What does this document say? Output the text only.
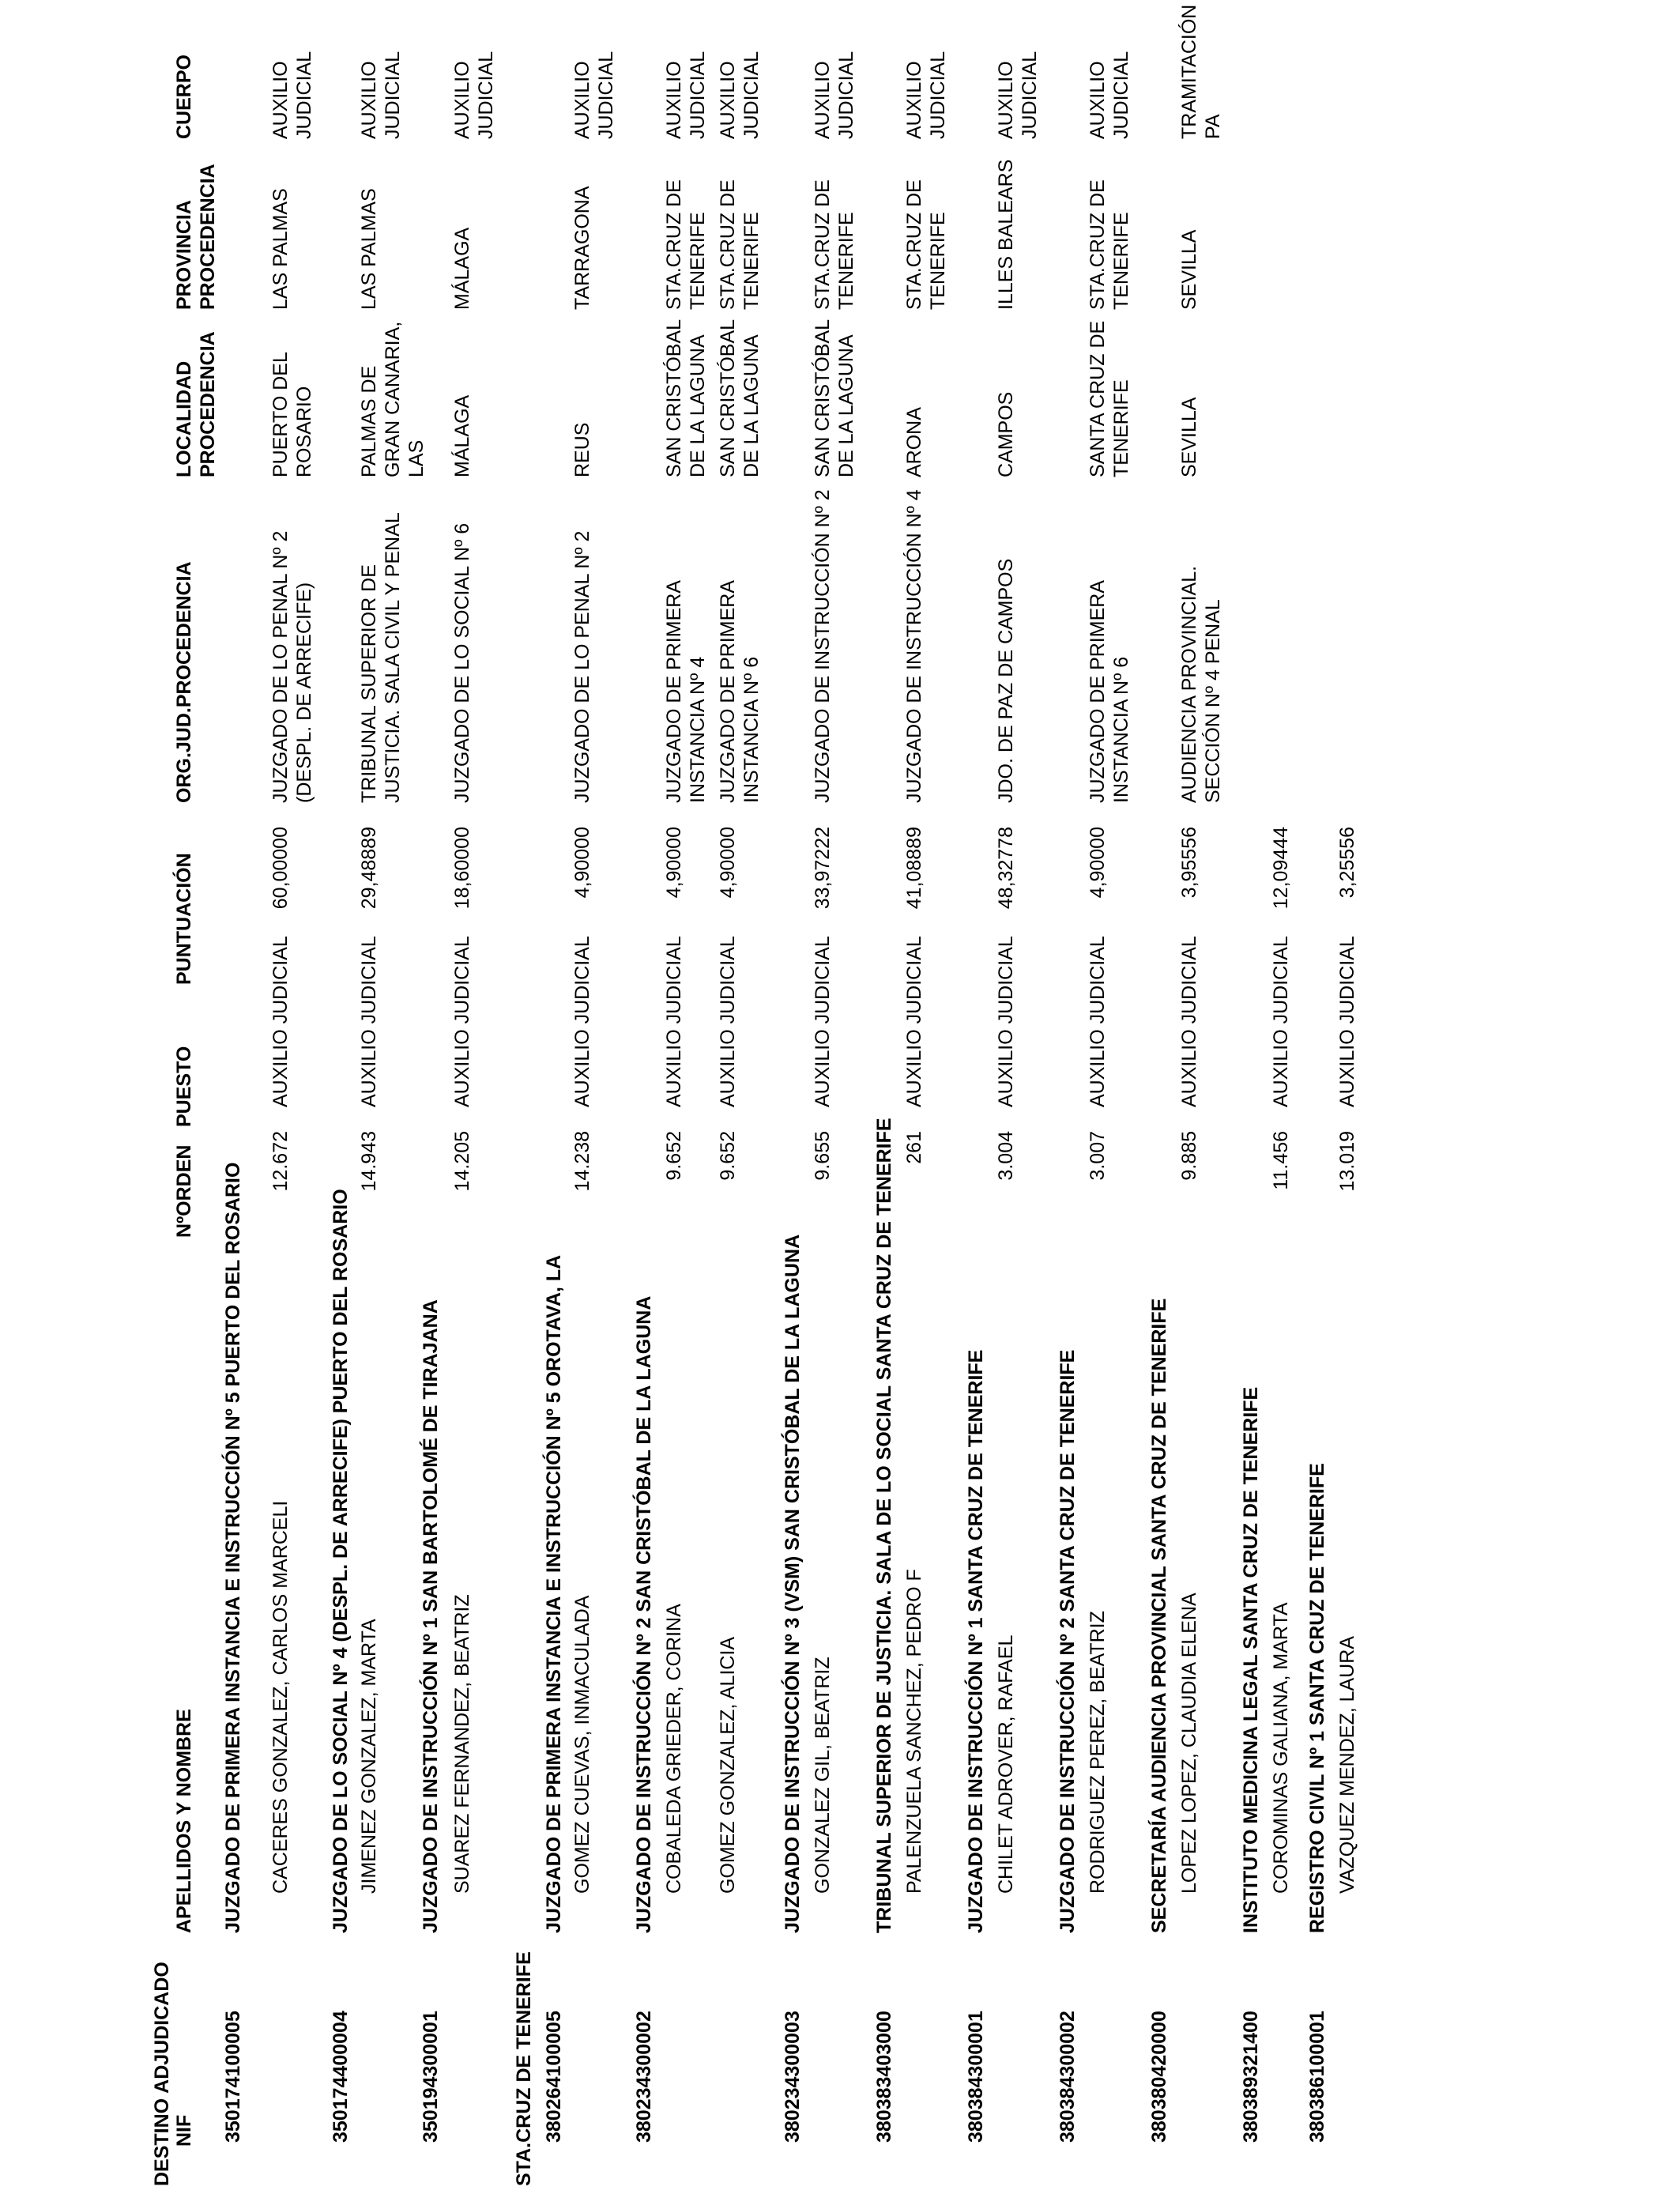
DESTINO ADJUDICADO NIF
APELLIDOS Y NOMBRE
NºORDEN
PUESTO
PUNTUACIÓN
ORG.JUD.PROCEDENCIA
LOCALIDAD PROCEDENCIA
PROVINCIA PROCEDENCIA
CUERPO
350174100005
JUZGADO DE PRIMERA INSTANCIA E INSTRUCCIÓN Nº 5 PUERTO DEL ROSARIO CACERES GONZALEZ, CARLOS MARCELI
12.672
AUXILIO JUDICIAL
60,00000
JUZGADO DE LO PENAL Nº 2 (DESPL. DE ARRECIFE)
PUERTO DEL ROSARIO
LAS PALMAS
AUXILIO JUDICIAL
350174400004
JUZGADO DE LO SOCIAL Nº 4 (DESPL. DE ARRECIFE) PUERTO DEL ROSARIO JIMENEZ GONZALEZ, MARTA
14.943
AUXILIO JUDICIAL
29,48889
TRIBUNAL SUPERIOR DE JUSTICIA. SALA CIVIL Y PENAL
PALMAS DE GRAN CANARIA, LAS
LAS PALMAS
AUXILIO JUDICIAL
350194300001
JUZGADO DE INSTRUCCIÓN Nº 1 SAN BARTOLOMÉ DE TIRAJANA SUAREZ FERNANDEZ, BEATRIZ
14.205
AUXILIO JUDICIAL
18,60000
JUZGADO DE LO SOCIAL Nº 6
MÁLAGA
MÁLAGA
AUXILIO JUDICIAL
STA.CRUZ DE TENERIFE 380264100005
JUZGADO DE PRIMERA INSTANCIA E INSTRUCCIÓN Nº 5 OROTAVA, LA GOMEZ CUEVAS, INMACULADA
14.238
AUXILIO JUDICIAL
4,90000
JUZGADO DE LO PENAL Nº 2
REUS
TARRAGONA
AUXILIO JUDICIAL
380234300002
JUZGADO DE INSTRUCCIÓN Nº 2 SAN CRISTÓBAL DE LA LAGUNA COBALEDA GRIEDER, CORINA
9.652
AUXILIO JUDICIAL
4,90000
JUZGADO DE PRIMERA INSTANCIA Nº 4
SAN CRISTÓBAL DE LA LAGUNA
STA.CRUZ DE TENERIFE
AUXILIO JUDICIAL
GOMEZ GONZALEZ, ALICIA
9.652
AUXILIO JUDICIAL
4,90000
JUZGADO DE PRIMERA INSTANCIA Nº 6
SAN CRISTÓBAL DE LA LAGUNA
STA.CRUZ DE TENERIFE
AUXILIO JUDICIAL
380234300003
JUZGADO DE INSTRUCCIÓN Nº 3 (VSM) SAN CRISTÓBAL DE LA LAGUNA GONZALEZ GIL, BEATRIZ
9.655
AUXILIO JUDICIAL
33,97222
JUZGADO DE INSTRUCCIÓN Nº 2
SAN CRISTÓBAL DE LA LAGUNA
STA.CRUZ DE TENERIFE
AUXILIO JUDICIAL
380383403000
TRIBUNAL SUPERIOR DE JUSTICIA. SALA DE LO SOCIAL SANTA CRUZ DE TENERIFE PALENZUELA SANCHEZ, PEDRO F
261
AUXILIO JUDICIAL
41,08889
JUZGADO DE INSTRUCCIÓN Nº 4
ARONA
STA.CRUZ DE TENERIFE
AUXILIO JUDICIAL
380384300001
JUZGADO DE INSTRUCCIÓN Nº 1 SANTA CRUZ DE TENERIFE CHILET ADROVER, RAFAEL
3.004
AUXILIO JUDICIAL
48,32778
JDO. DE PAZ DE CAMPOS
CAMPOS
ILLES BALEARS
AUXILIO JUDICIAL
380384300002
JUZGADO DE INSTRUCCIÓN Nº 2 SANTA CRUZ DE TENERIFE RODRIGUEZ PEREZ, BEATRIZ
3.007
AUXILIO JUDICIAL
4,90000
JUZGADO DE PRIMERA INSTANCIA Nº 6
SANTA CRUZ DE TENERIFE
STA.CRUZ DE TENERIFE
AUXILIO JUDICIAL
380380420000
SECRETARÍA AUDIENCIA PROVINCIAL SANTA CRUZ DE TENERIFE LOPEZ LOPEZ, CLAUDIA ELENA
9.885
AUXILIO JUDICIAL
3,95556
AUDIENCIA PROVINCIAL. SECCIÓN Nº 4 PENAL
SEVILLA
SEVILLA
TRAMITACIÓN PA
380389321400
INSTITUTO MEDICINA LEGAL SANTA CRUZ DE TENERIFE COROMINAS GALIANA, MARTA
11.456
AUXILIO JUDICIAL
12,09444
380386100001
REGISTRO CIVIL Nº 1 SANTA CRUZ DE TENERIFE VAZQUEZ MENDEZ, LAURA
13.019
AUXILIO JUDICIAL
3,25556
